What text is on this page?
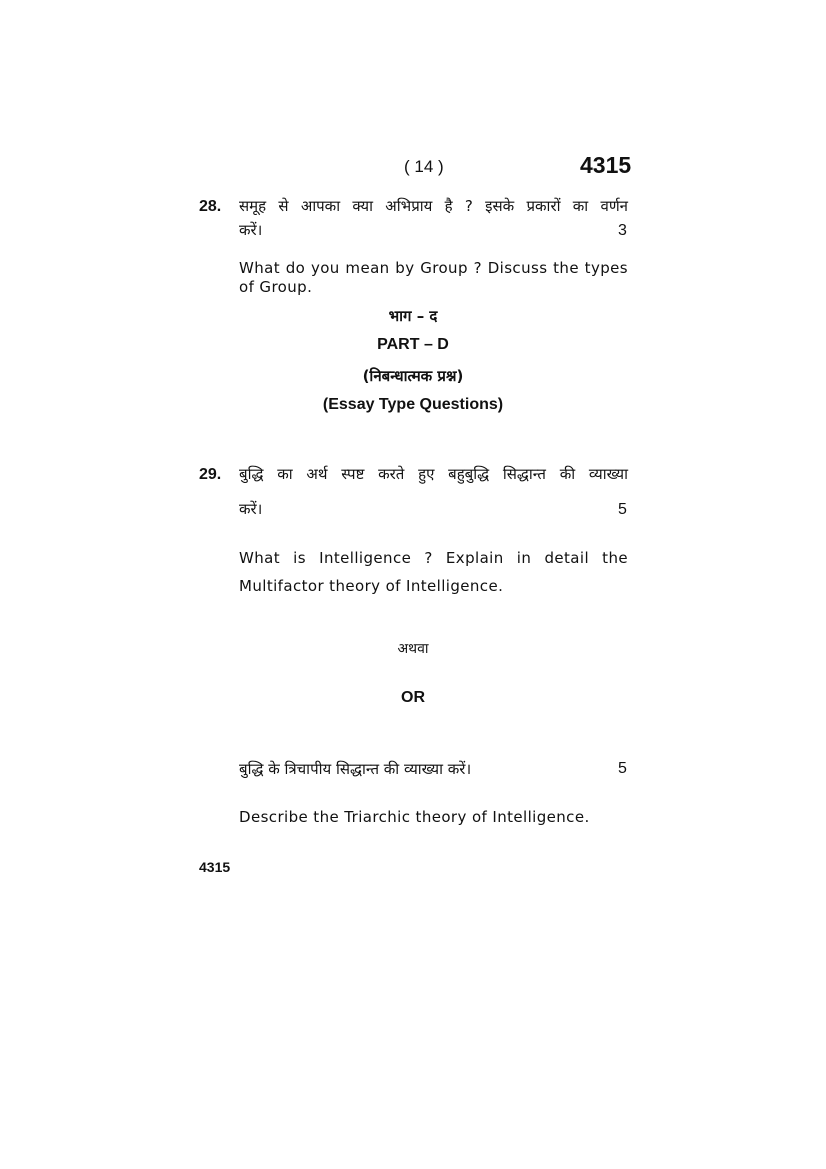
( 14 )	4315
28. समूह से आपका क्या अभिप्राय है ? इसके प्रकारों का वर्णन
करें।	3
What do you mean by Group ? Discuss the types
of Group.
भाग – द
PART – D
(निबन्धात्मक प्रश्न)
(Essay Type Questions)
29. बुद्धि का अर्थ स्पष्ट करते हुए बहुबुद्धि सिद्धान्त की व्याख्या
करें।	5
What is Intelligence ? Explain in detail the
Multifactor theory of Intelligence.
अथवा
OR
बुद्धि के त्रिचापीय सिद्धान्त की व्याख्या करें।	5
Describe the Triarchic theory of Intelligence.
4315
